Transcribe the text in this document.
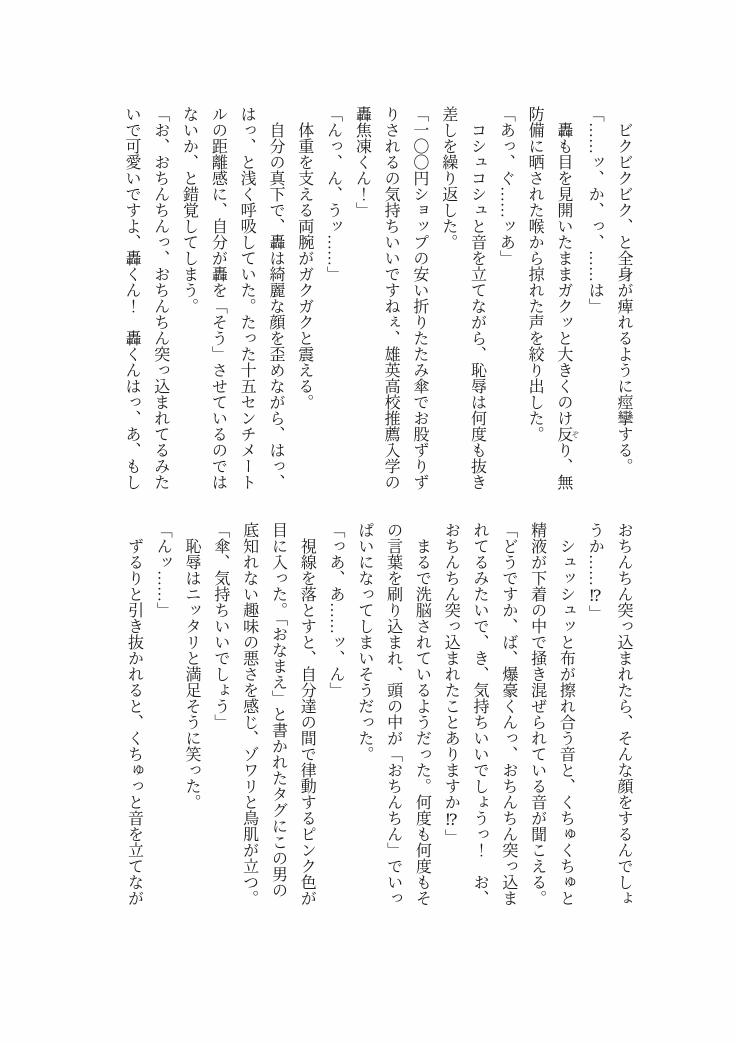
ビクビクビク、と全身が痺れるように痙攣する。

「……ッ、か、っ、……は」

轟も目を見開いたままガクッと大きくのけ反 ぞり、無防備に晒された喉から掠れた声を絞り出した。

「あっ、ぐ……ッあ」

コシュコシュと音を立てながら、恥辱は何度も抜き差しを繰り返した。

「一〇〇円ショップの安い折りたたみ傘でお股ずりずりされるの気持ちいいですねぇ、雄英高校推薦入学の轟焦凍くん！」

「んっ、ん、うッ……」

体重を支える両腕がガクガクと震える。

自分の真下で、轟は綺麗な顔を歪めながら、はっ、はっ、と浅く呼吸していた。たった十五センチメートルの距離感に、自分が轟を「そう」させているのではないか、と錯覚してしまう。

「お、おちんちんっ、おちんちん突っ込まれてるみたいで可愛いですよ、轟くん！　轟くんはっ、あ、もし

おちんちん突っ込まれたら、そんな顔をするんでしょうか……⁉」

シュッシュッと布が擦れ合う音と、くちゅくちゅと精液が下着の中で掻き混ぜられている音が聞こえる。

「どうですか、ば、爆豪くんっ、おちんちん突っ込まれてるみたいで、き、気持ちいいでしょうっ！　お、おちんちん突っ込まれたことありますか⁉」

まるで洗脳されているようだった。何度も何度もその言葉を刷り込まれ、頭の中が「おちんちん」でいっぱいになってしまいそうだった。

「っあ、あ……ッ、ん」

視線を落とすと、自分達の間で律動するピンク色が目に入った。「おなまえ」と書かれたタグにこの男の底知れない趣味の悪さを感じ、ゾワリと鳥肌が立つ。

「傘、気持ちいいでしょう」

恥辱はニッタリと満足そうに笑った。

「んッ……」

ずるりと引き抜かれると、くちゅっと音を立てなが
